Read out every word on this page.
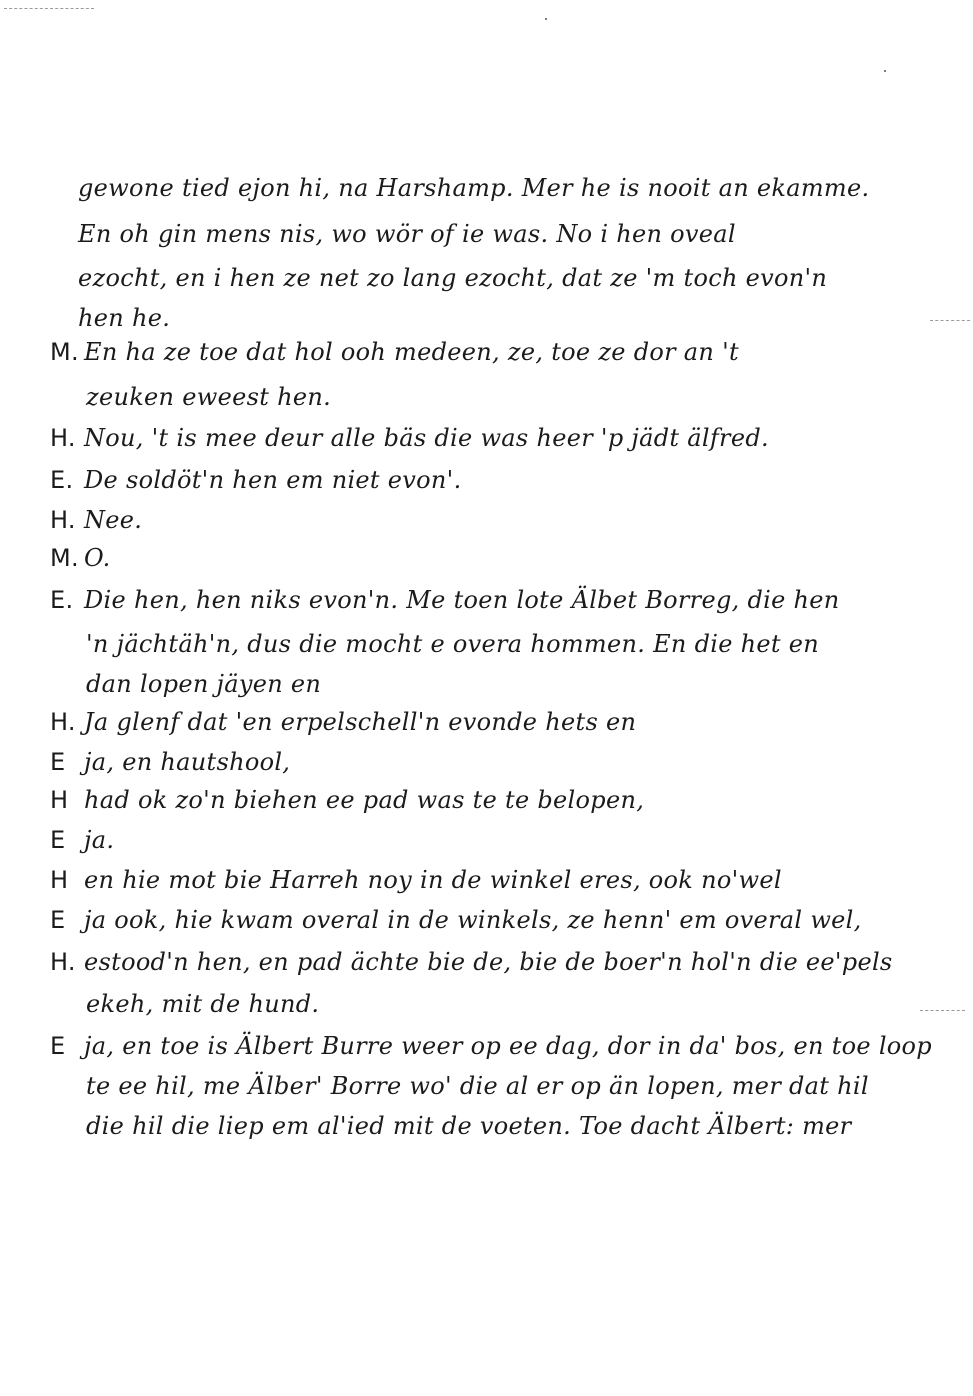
gewone tied ejon hi, na Harshamp. Mer he is nooit an ekamme.
En oh gin mens nis, wo wör of ie was. No i hen oveal
ezocht, en i hen ze net zo lang ezocht, dat ze 'm toch evon'n
hen he.
M. En ha ze toe dat hol ooh medeen, ze, toe ze dor an 't
zeuken eweest hen.
H. Nou, 't is mee deur alle bäs die was heer 'p jädt älfred.
E. De soldöt'n hen em niet evon'.
H. Nee.
M. O.
E. Die hen, hen niks evon'n. Me toen lote Älbet Borreg, die hen
'n jächtäh'n, dus die mocht e overa hommen. En die het en
dan lopen jäyen en
H. Ja glenf dat 'en erpelschell'n evonde hets en
E ja, en hautshool,
H had ok zo'n biehen ee pad was te te belopen,
E ja.
H en hie mot bie Harreh noy in de winkel eres, ook no'wel
E ja ook, hie kwam overal in de winkels, ze henn' em overal wel,
H. estood'n hen, en pad ächte bie de, bie de boer'n hol'n die ee'pels
ekeh, mit de hund.
E ja, en toe is Älbert Burre weer op ee dag, dor in da' bos, en toe loop
te ee hil, me Älber' Borre wo' die al er op än lopen, mer dat hil
die hil die liep em al'ied mit de voeten. Toe dacht Älbert: mer
